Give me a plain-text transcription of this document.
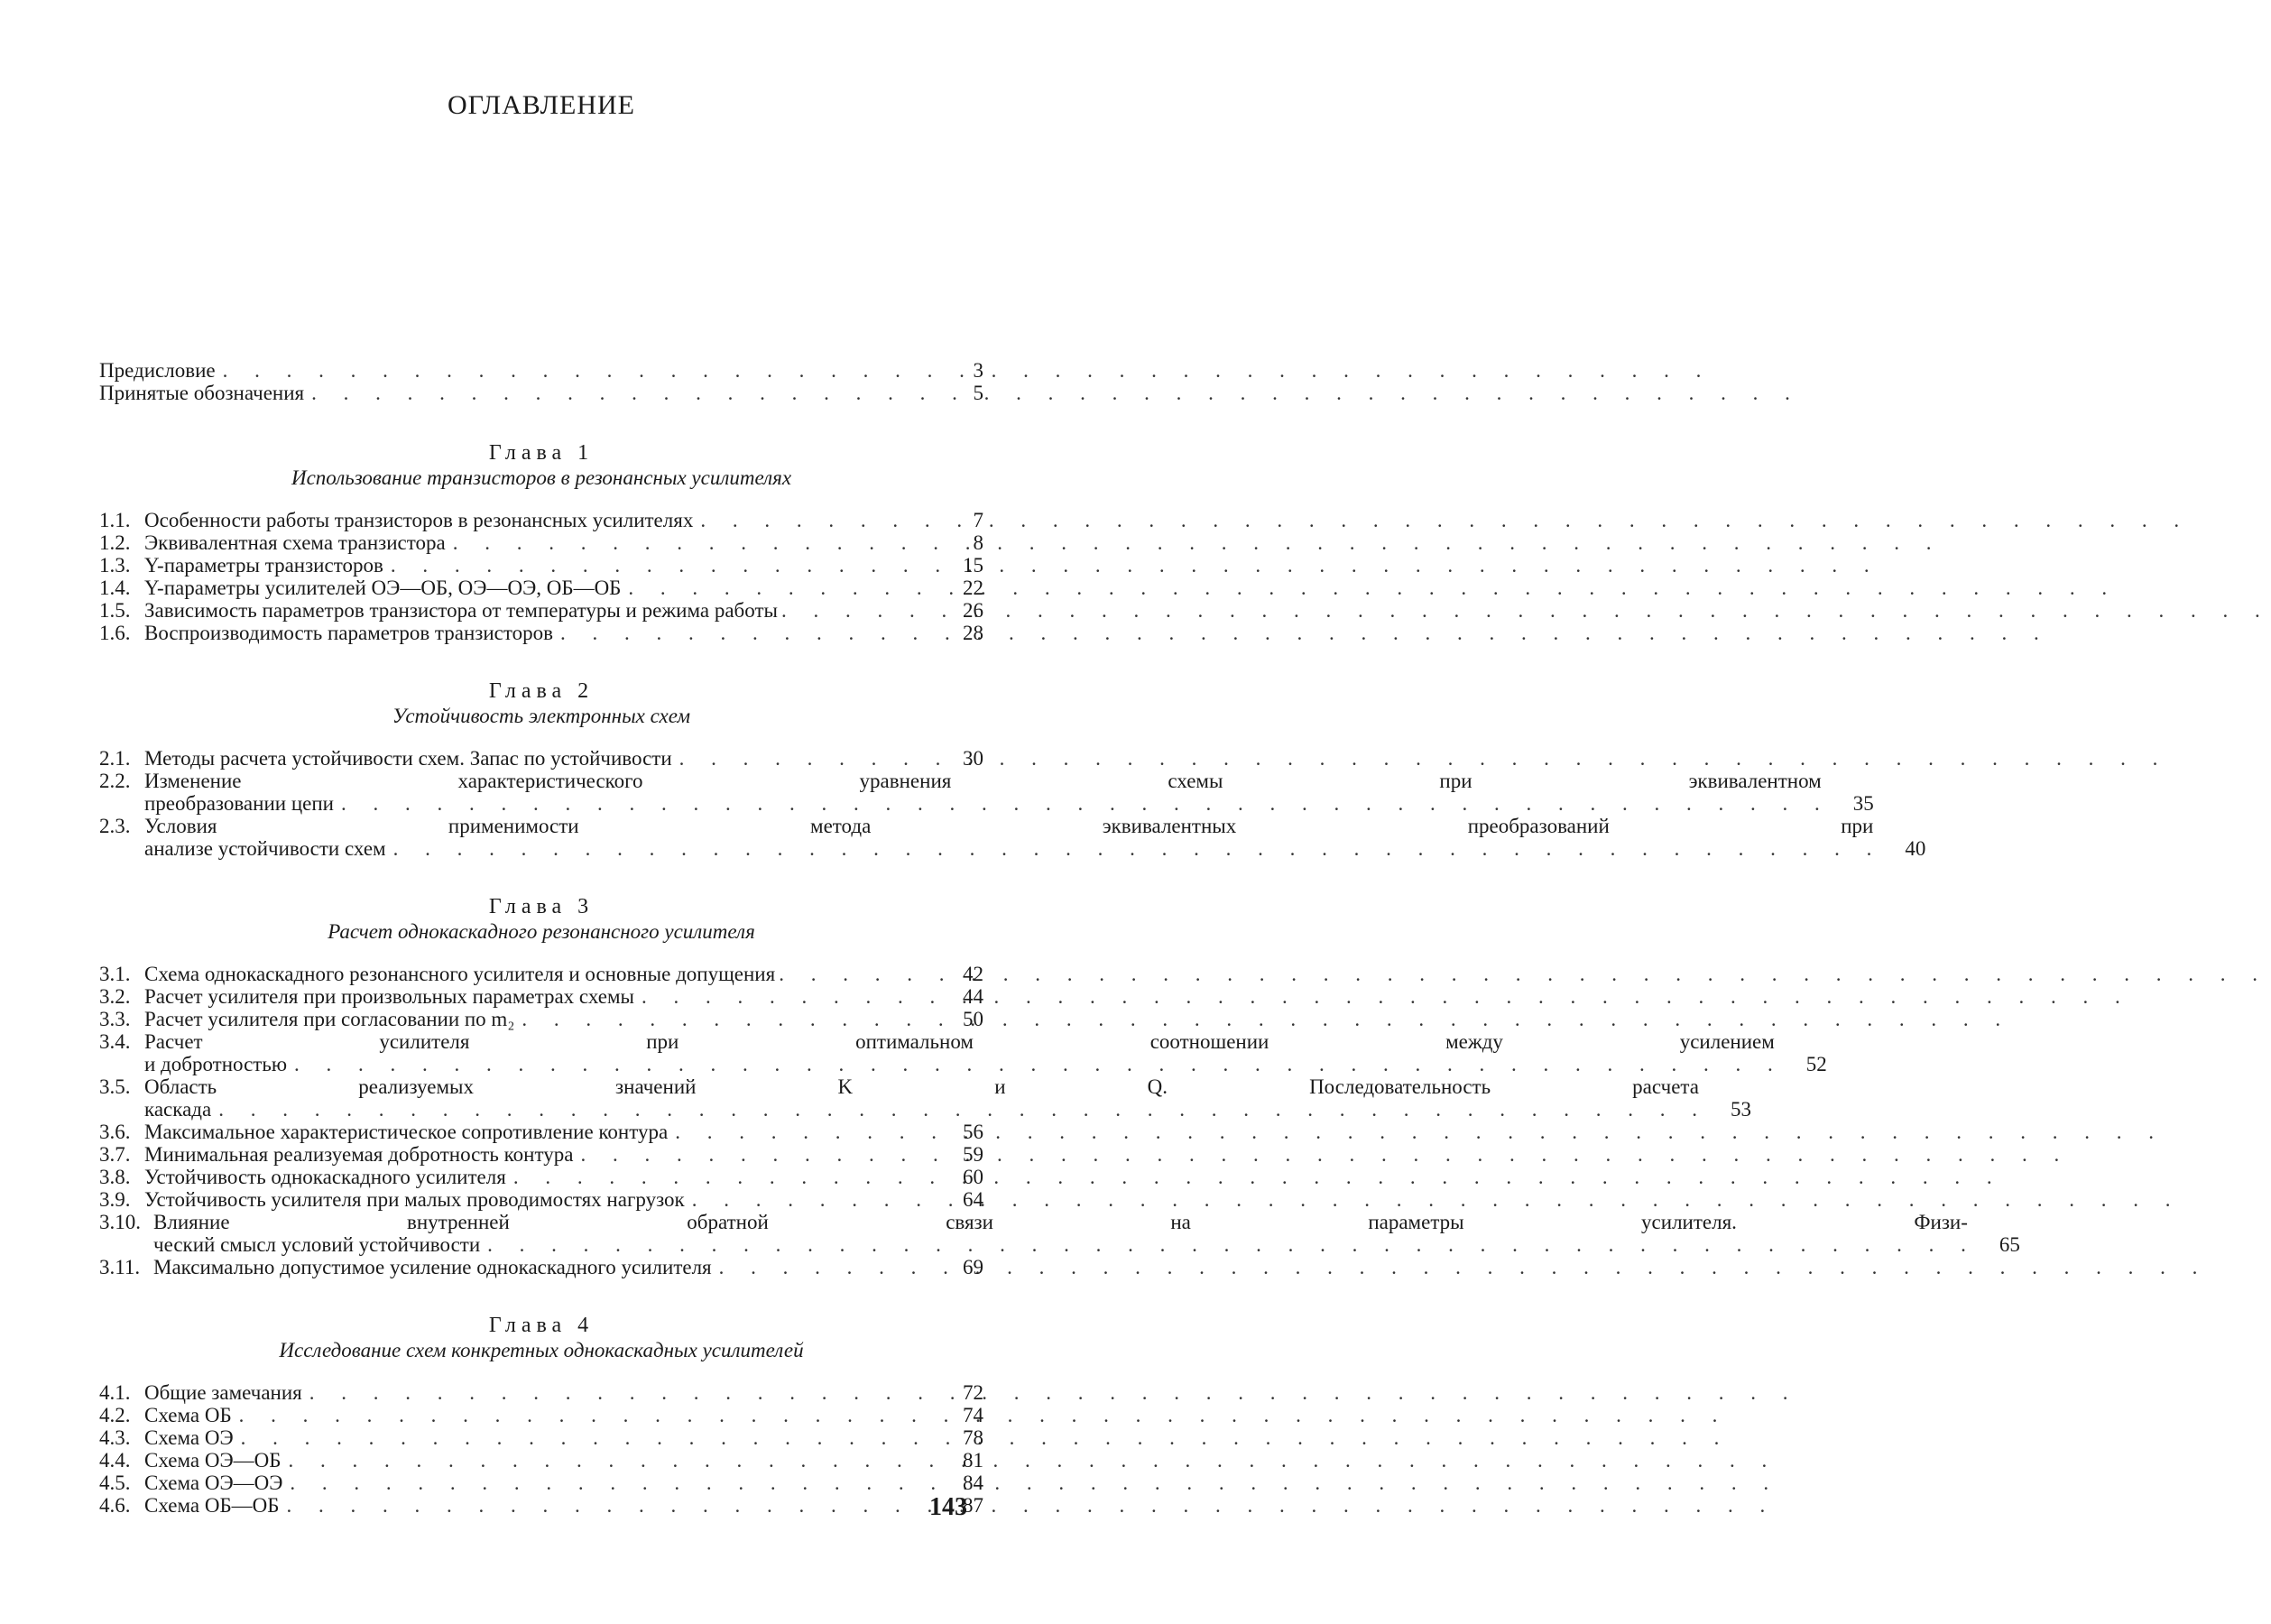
ОГЛАВЛЕНИЕ
Предисловие . . .	3
Принятые обозначения . . .	5
Глава 1
Использование транзисторов в резонансных усилителях
1.1. Особенности работы транзисторов в резонансных усилителях . . .	7
1.2. Эквивалентная схема транзистора . . .	8
1.3. Y-параметры транзисторов . . .	15
1.4. Y-параметры усилителей ОЭ—ОБ, ОЭ—ОЭ, ОБ—ОБ . . .	22
1.5. Зависимость параметров транзистора от температуры и режима работы . . .	26
1.6. Воспроизводимость параметров транзисторов . . .	28
Глава 2
Устойчивость электронных схем
2.1. Методы расчета устойчивости схем. Запас по устойчивости . . .	30
2.2. Изменение характеристического уравнения схемы при эквивалентном
преобразовании цепи . . .	35
2.3. Условия применимости метода эквивалентных преобразований при
анализе устойчивости схем . . .	40
Глава 3
Расчет однокаскадного резонансного усилителя
3.1. Схема однокаскадного резонансного усилителя и основные допущения . . .	42
3.2. Расчет усилителя при произвольных параметрах схемы . . .	44
3.3. Расчет усилителя при согласовании по m₂ . . .	50
3.4. Расчет усилителя при оптимальном соотношении между усилением
и добротностью . . .	52
3.5. Область реализуемых значений K и Q. Последовательность расчета
каскада . . .	53
3.6. Максимальное характеристическое сопротивление контура . . .	56
3.7. Минимальная реализуемая добротность контура . . .	59
3.8. Устойчивость однокаскадного усилителя . . .	60
3.9. Устойчивость усилителя при малых проводимостях нагрузок . . .	64
3.10. Влияние внутренней обратной связи на параметры усилителя. Физи-
ческий смысл условий устойчивости . . .	65
3.11. Максимально допустимое усиление однокаскадного усилителя . . .	69
Глава 4
Исследование схем конкретных однокаскадных усилителей
4.1. Общие замечания . . .	72
4.2. Схема ОБ . . .	74
4.3. Схема ОЭ . . .	78
4.4. Схема ОЭ—ОБ . . .	81
4.5. Схема ОЭ—ОЭ . . .	84
4.6. Схема ОБ—ОБ . . .	87
143
